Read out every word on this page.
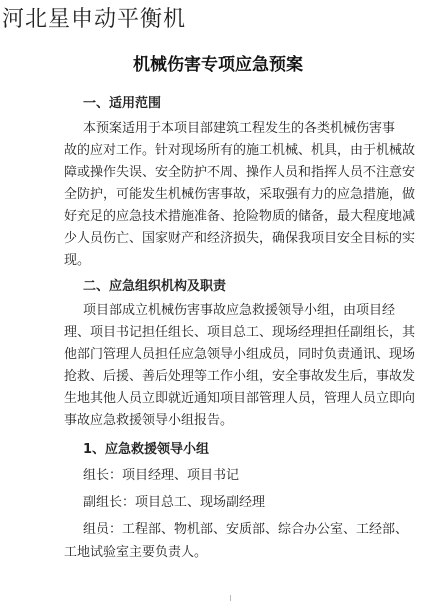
河北星申动平衡机
机械伤害专项应急预案
一、适用范围
本预案适用于本项目部建筑工程发生的各类机械伤害事
故的应对工作。针对现场所有的施工机械、机具，由于机械故
障或操作失误、安全防护不周、操作人员和指挥人员不注意安
全防护，可能发生机械伤害事故，采取强有力的应急措施，做
好充足的应急技术措施准备、抢险物质的储备，最大程度地减
少人员伤亡、国家财产和经济损失，确保我项目安全目标的实
现。
二、应急组织机构及职责
项目部成立机械伤害事故应急救援领导小组，由项目经
理、项目书记担任组长、项目总工、现场经理担任副组长，其
他部门管理人员担任应急领导小组成员，同时负责通讯、现场
抢救、后援、善后处理等工作小组，安全事故发生后，事故发
生地其他人员立即就近通知项目部管理人员，管理人员立即向
事故应急救援领导小组报告。
1、应急救援领导小组
组长：项目经理、项目书记
副组长：项目总工、现场副经理
组员：工程部、物机部、安质部、综合办公室、工经部、
工地试验室主要负责人。
